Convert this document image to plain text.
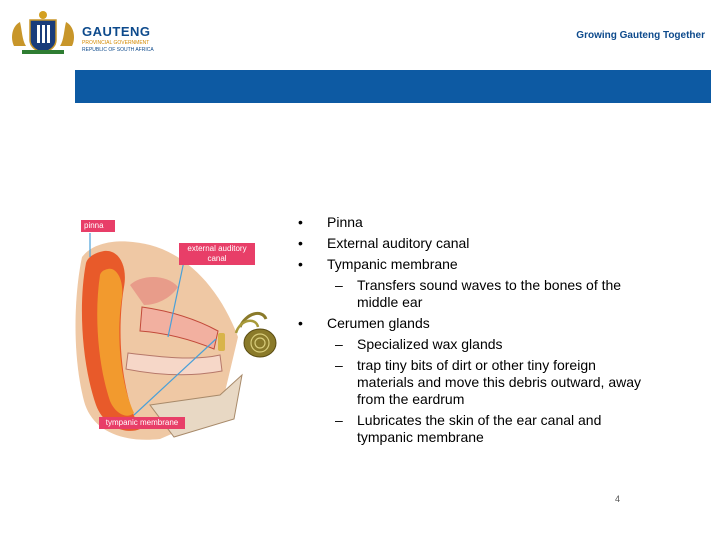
GAUTENG
PROVINCIAL GOVERNMENT
REPUBLIC OF SOUTH AFRICA
Growing Gauteng Together
pinna
external auditory canal
tympanic membrane
•	Pinna
•	External auditory canal
•	Tympanic membrane
– Transfers sound waves to the bones of the middle ear
•	Cerumen glands
– Specialized wax glands
– trap tiny bits of dirt or other tiny foreign materials and move this debris outward, away from the eardrum
– Lubricates the skin of the ear canal and tympanic membrane
4
